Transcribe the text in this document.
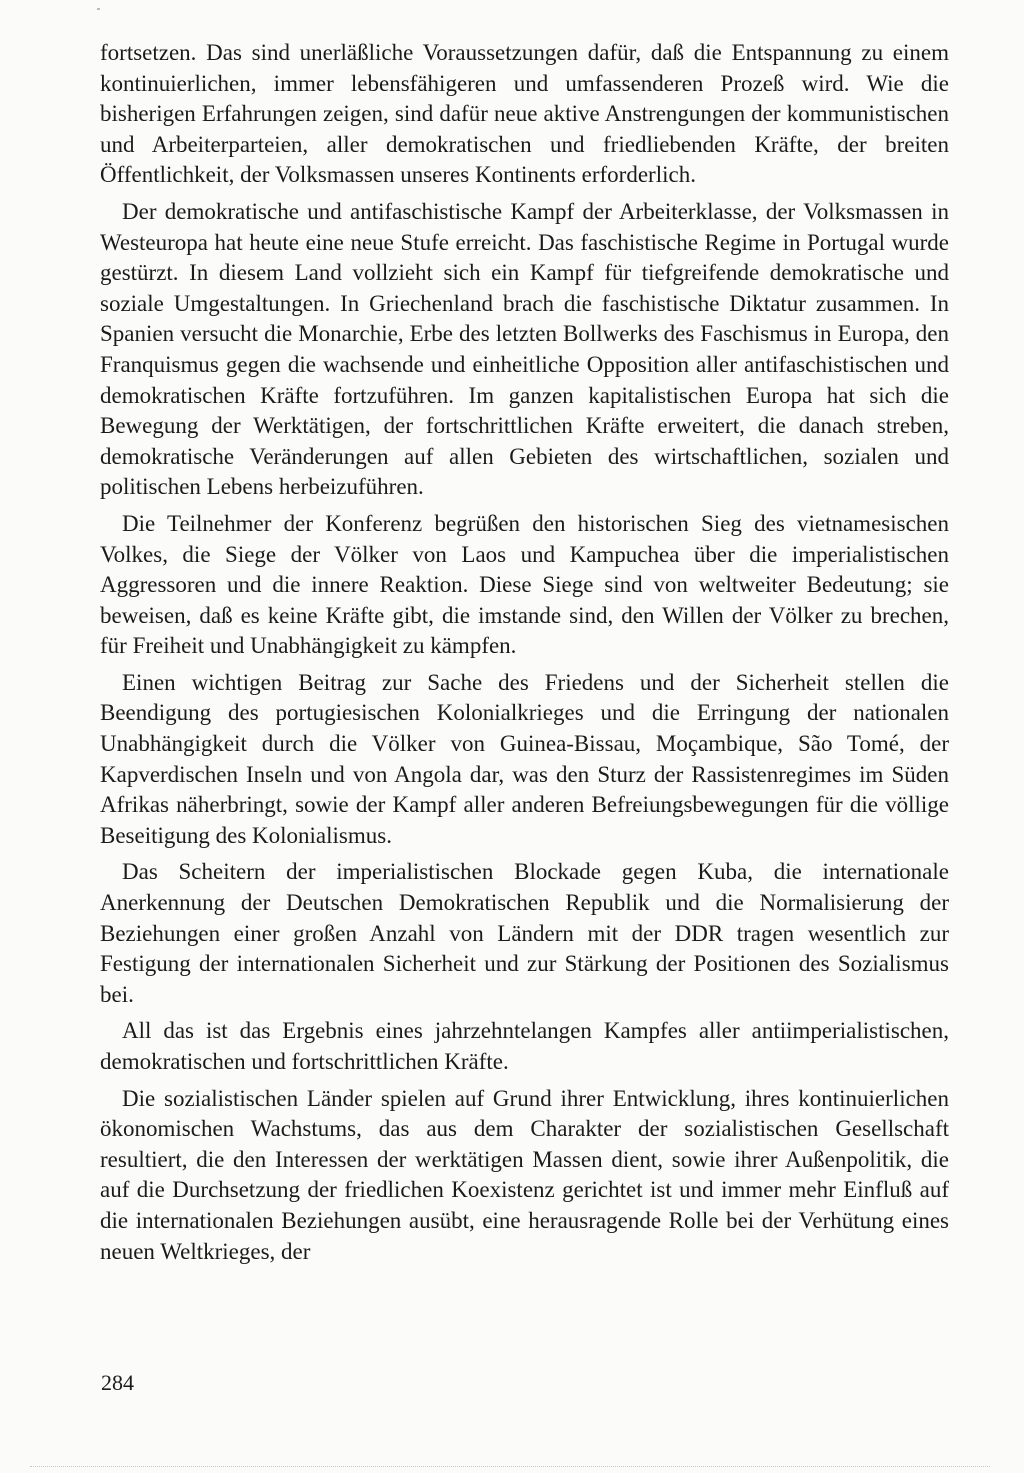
fortsetzen. Das sind unerläßliche Voraussetzungen dafür, daß die Entspannung zu einem kontinuierlichen, immer lebensfähigeren und umfassenderen Prozeß wird. Wie die bisherigen Erfahrungen zeigen, sind dafür neue aktive Anstrengungen der kommunistischen und Arbeiterparteien, aller demokratischen und friedliebenden Kräfte, der breiten Öffentlichkeit, der Volksmassen unseres Kontinents erforderlich.

Der demokratische und antifaschistische Kampf der Arbeiterklasse, der Volksmassen in Westeuropa hat heute eine neue Stufe erreicht. Das faschistische Regime in Portugal wurde gestürzt. In diesem Land vollzieht sich ein Kampf für tiefgreifende demokratische und soziale Umgestaltungen. In Griechenland brach die faschistische Diktatur zusammen. In Spanien versucht die Monarchie, Erbe des letzten Bollwerks des Faschismus in Europa, den Franquismus gegen die wachsende und einheitliche Opposition aller antifaschistischen und demokratischen Kräfte fortzuführen. Im ganzen kapitalistischen Europa hat sich die Bewegung der Werktätigen, der fortschrittlichen Kräfte erweitert, die danach streben, demokratische Veränderungen auf allen Gebieten des wirtschaftlichen, sozialen und politischen Lebens herbeizuführen.

Die Teilnehmer der Konferenz begrüßen den historischen Sieg des vietnamesischen Volkes, die Siege der Völker von Laos und Kampuchea über die imperialistischen Aggressoren und die innere Reaktion. Diese Siege sind von weltweiter Bedeutung; sie beweisen, daß es keine Kräfte gibt, die imstande sind, den Willen der Völker zu brechen, für Freiheit und Unabhängigkeit zu kämpfen.

Einen wichtigen Beitrag zur Sache des Friedens und der Sicherheit stellen die Beendigung des portugiesischen Kolonialkrieges und die Erringung der nationalen Unabhängigkeit durch die Völker von Guinea-Bissau, Moçambique, São Tomé, der Kapverdischen Inseln und von Angola dar, was den Sturz der Rassistenregimes im Süden Afrikas näherbringt, sowie der Kampf aller anderen Befreiungsbewegungen für die völlige Beseitigung des Kolonialismus.

Das Scheitern der imperialistischen Blockade gegen Kuba, die internationale Anerkennung der Deutschen Demokratischen Republik und die Normalisierung der Beziehungen einer großen Anzahl von Ländern mit der DDR tragen wesentlich zur Festigung der internationalen Sicherheit und zur Stärkung der Positionen des Sozialismus bei.

All das ist das Ergebnis eines jahrzehntelangen Kampfes aller antiimperialistischen, demokratischen und fortschrittlichen Kräfte.

Die sozialistischen Länder spielen auf Grund ihrer Entwicklung, ihres kontinuierlichen ökonomischen Wachstums, das aus dem Charakter der sozialistischen Gesellschaft resultiert, die den Interessen der werktätigen Massen dient, sowie ihrer Außenpolitik, die auf die Durchsetzung der friedlichen Koexistenz gerichtet ist und immer mehr Einfluß auf die internationalen Beziehungen ausübt, eine herausragende Rolle bei der Verhütung eines neuen Weltkrieges, der

284
